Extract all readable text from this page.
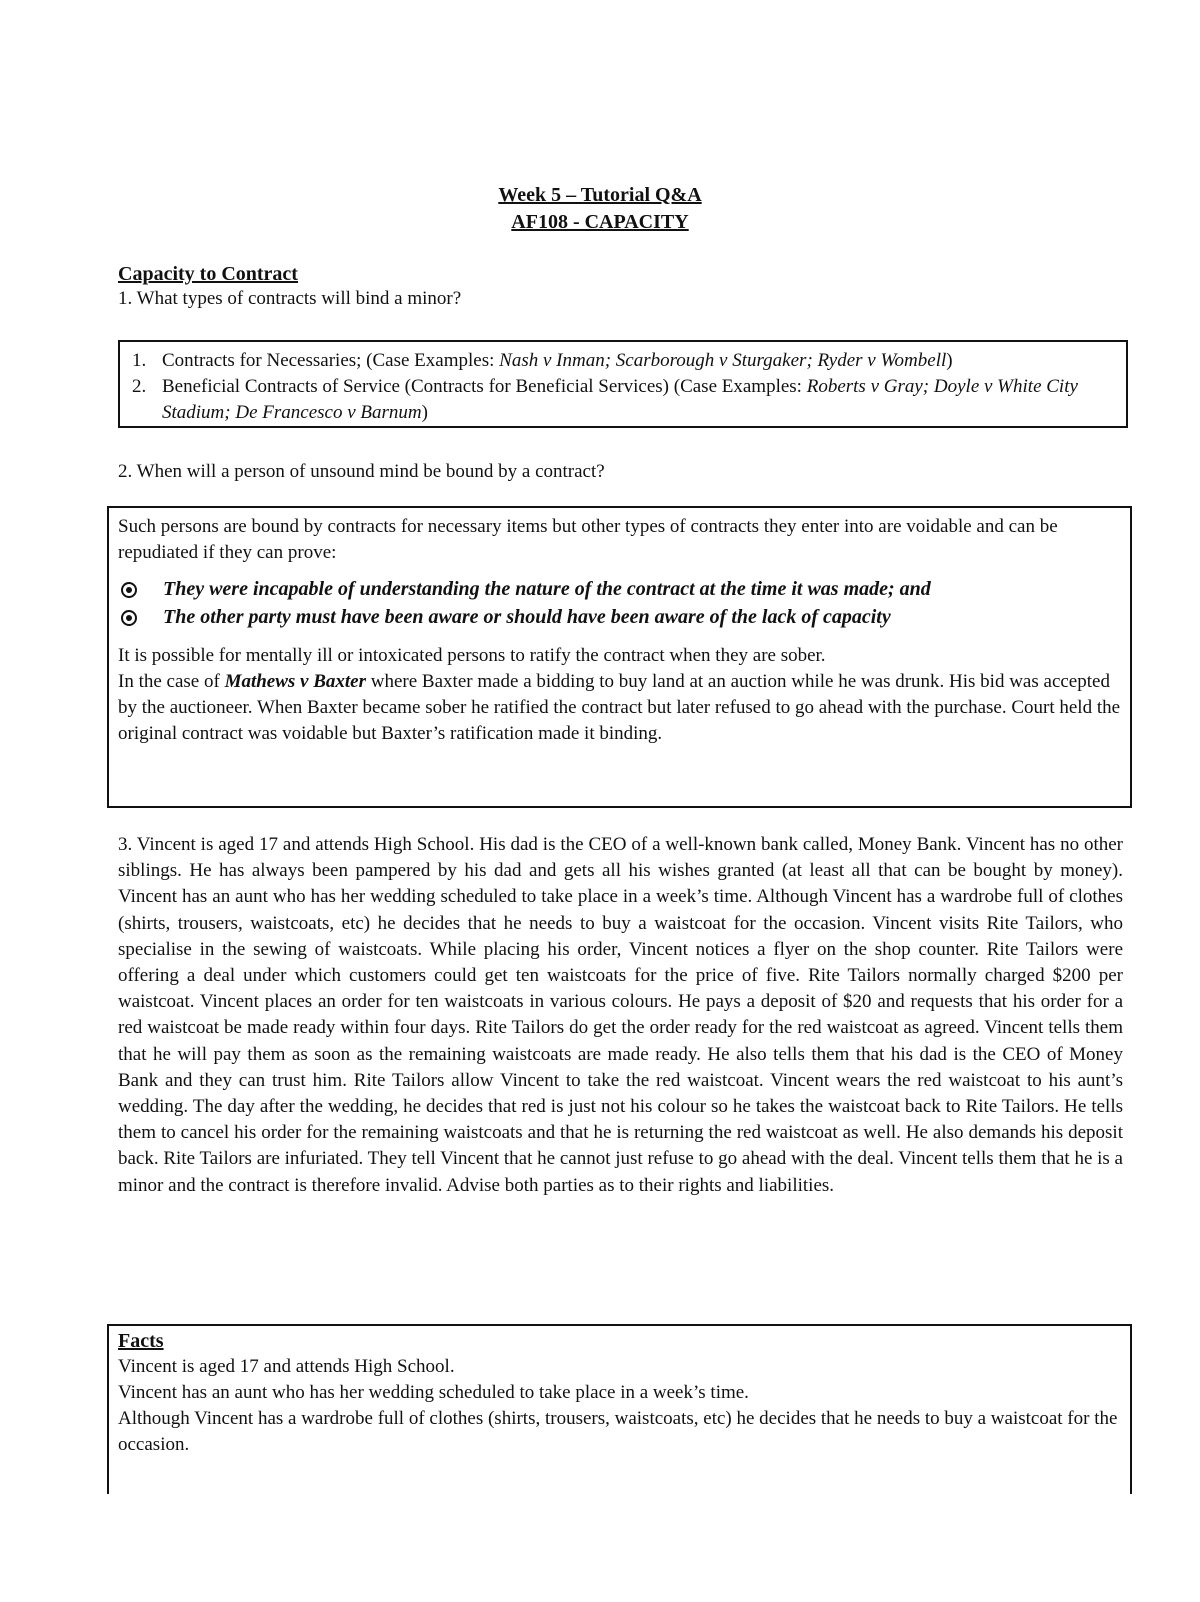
Week 5 – Tutorial Q&A
AF108 - CAPACITY
Capacity to Contract
1. What types of contracts will bind a minor?
1. Contracts for Necessaries; (Case Examples: Nash v Inman; Scarborough v Sturgaker; Ryder v Wombell)
2. Beneficial Contracts of Service (Contracts for Beneficial Services) (Case Examples: Roberts v Gray; Doyle v White City Stadium; De Francesco v Barnum)
2. When will a person of unsound mind be bound by a contract?

Such persons are bound by contracts for necessary items but other types of contracts they enter into are voidable and can be repudiated if they can prove:

They were incapable of understanding the nature of the contract at the time it was made; and
The other party must have been aware or should have been aware of the lack of capacity

It is possible for mentally ill or intoxicated persons to ratify the contract when they are sober.

In the case of Mathews v Baxter where Baxter made a bidding to buy land at an auction while he was drunk. His bid was accepted by the auctioneer. When Baxter became sober he ratified the contract but later refused to go ahead with the purchase. Court held the original contract was voidable but Baxter’s ratification made it binding.

3. Vincent is aged 17 and attends High School. His dad is the CEO of a well-known bank called, Money Bank. Vincent has no other siblings. He has always been pampered by his dad and gets all his wishes granted (at least all that can be bought by money). Vincent has an aunt who has her wedding scheduled to take place in a week’s time. Although Vincent has a wardrobe full of clothes (shirts, trousers, waistcoats, etc) he decides that he needs to buy a waistcoat for the occasion. Vincent visits Rite Tailors, who specialise in the sewing of waistcoats. While placing his order, Vincent notices a flyer on the shop counter. Rite Tailors were offering a deal under which customers could get ten waistcoats for the price of five. Rite Tailors normally charged $200 per waistcoat. Vincent places an order for ten waistcoats in various colours. He pays a deposit of $20 and requests that his order for a red waistcoat be made ready within four days. Rite Tailors do get the order ready for the red waistcoat as agreed. Vincent tells them that he will pay them as soon as the remaining waistcoats are made ready. He also tells them that his dad is the CEO of Money Bank and they can trust him. Rite Tailors allow Vincent to take the red waistcoat. Vincent wears the red waistcoat to his aunt’s wedding. The day after the wedding, he decides that red is just not his colour so he takes the waistcoat back to Rite Tailors. He tells them to cancel his order for the remaining waistcoats and that he is returning the red waistcoat as well. He also demands his deposit back. Rite Tailors are infuriated. They tell Vincent that he cannot just refuse to go ahead with the deal. Vincent tells them that he is a minor and the contract is therefore invalid. Advise both parties as to their rights and liabilities.

Facts

Vincent is aged 17 and attends High School.

Vincent has an aunt who has her wedding scheduled to take place in a week’s time.

Although Vincent has a wardrobe full of clothes (shirts, trousers, waistcoats, etc) he decides that he needs to buy a waistcoat for the occasion.
